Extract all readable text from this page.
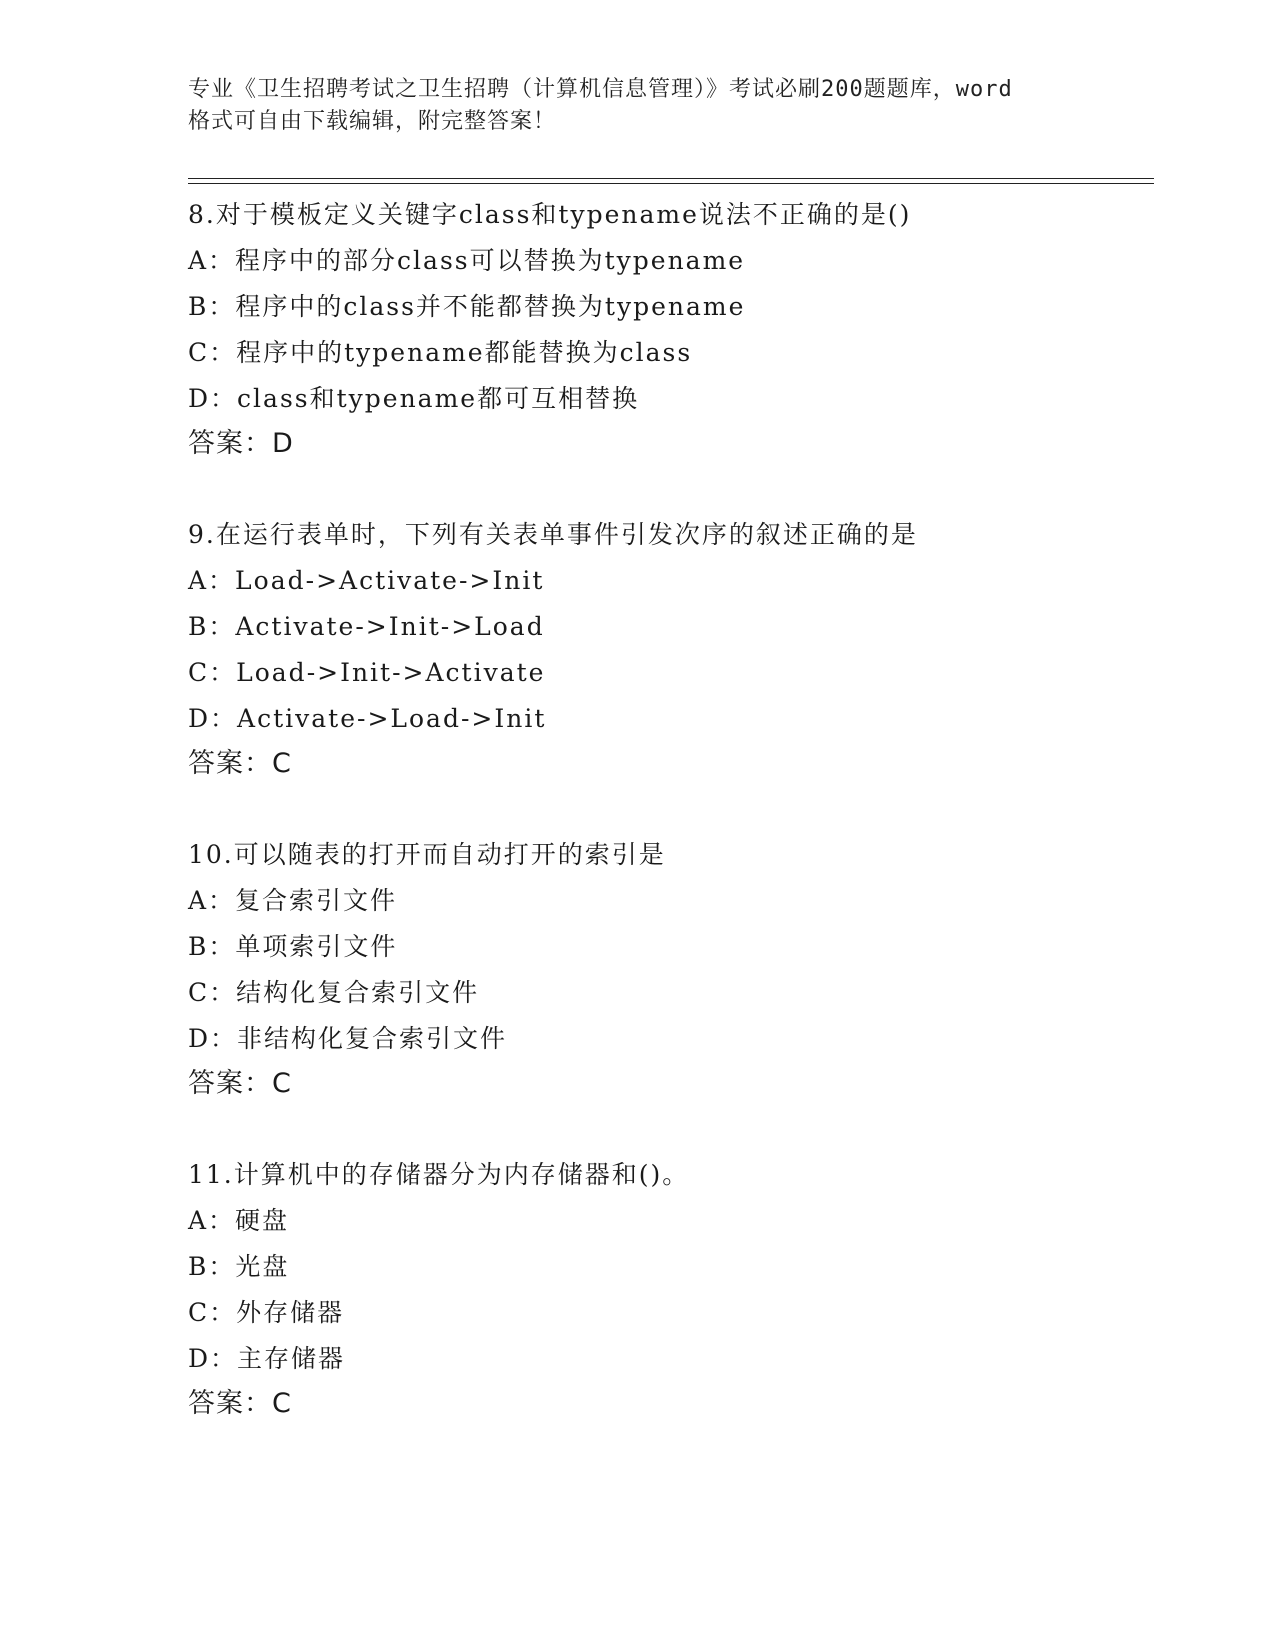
专业《卫生招聘考试之卫生招聘（计算机信息管理）》考试必刷200题题库，word
格式可自由下载编辑，附完整答案！
8.对于模板定义关键字class和typename说法不正确的是()
A：程序中的部分class可以替换为typename
B：程序中的class并不能都替换为typename
C：程序中的typename都能替换为class
D：class和typename都可互相替换
答案：D
9.在运行表单时，下列有关表单事件引发次序的叙述正确的是
A：Load->Activate->Init
B：Activate->Init->Load
C：Load->Init->Activate
D：Activate->Load->Init
答案：C
10.可以随表的打开而自动打开的索引是
A：复合索引文件
B：单项索引文件
C：结构化复合索引文件
D：非结构化复合索引文件
答案：C
11.计算机中的存储器分为内存储器和()。
A：硬盘
B：光盘
C：外存储器
D：主存储器
答案：C
